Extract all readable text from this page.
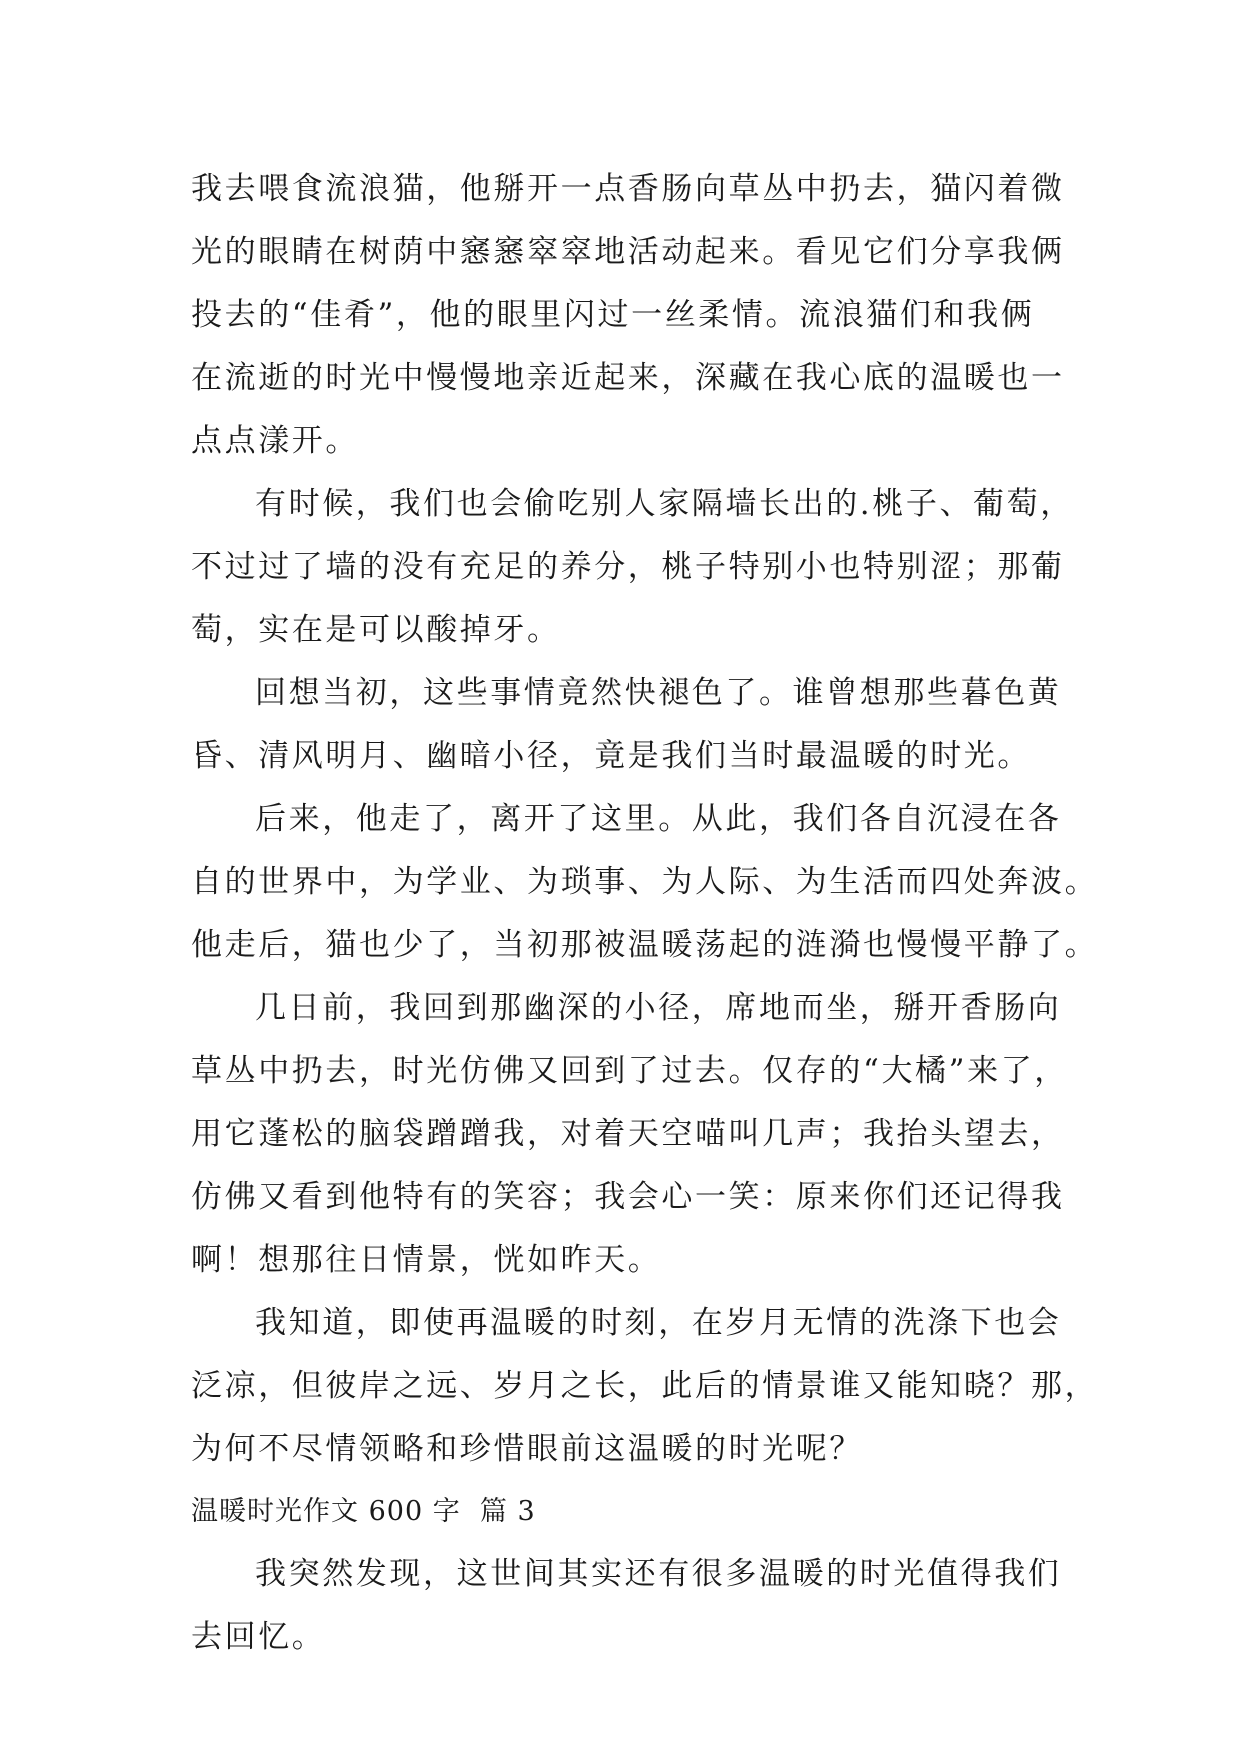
我去喂食流浪猫，他掰开一点香肠向草丛中扔去，猫闪着微
光的眼睛在树荫中窸窸窣窣地活动起来。看见它们分享我俩
投去的“佳肴”，他的眼里闪过一丝柔情。流浪猫们和我俩
在流逝的时光中慢慢地亲近起来，深藏在我心底的温暖也一
点点漾开。
有时候，我们也会偷吃别人家隔墙长出的.桃子、葡萄，
不过过了墙的没有充足的养分，桃子特别小也特别涩；那葡
萄，实在是可以酸掉牙。
回想当初，这些事情竟然快褪色了。谁曾想那些暮色黄
昏、清风明月、幽暗小径，竟是我们当时最温暖的时光。
后来，他走了，离开了这里。从此，我们各自沉浸在各
自的世界中，为学业、为琐事、为人际、为生活而四处奔波。
他走后，猫也少了，当初那被温暖荡起的涟漪也慢慢平静了。
几日前，我回到那幽深的小径，席地而坐，掰开香肠向
草丛中扔去，时光仿佛又回到了过去。仅存的“大橘”来了，
用它蓬松的脑袋蹭蹭我，对着天空喵叫几声；我抬头望去，
仿佛又看到他特有的笑容；我会心一笑：原来你们还记得我
啊！想那往日情景，恍如昨天。
我知道，即使再温暖的时刻，在岁月无情的洗涤下也会
泛凉，但彼岸之远、岁月之长，此后的情景谁又能知晓？那，
为何不尽情领略和珍惜眼前这温暖的时光呢？
温暖时光作文 600 字  篇 3
我突然发现，这世间其实还有很多温暖的时光值得我们
去回忆。
